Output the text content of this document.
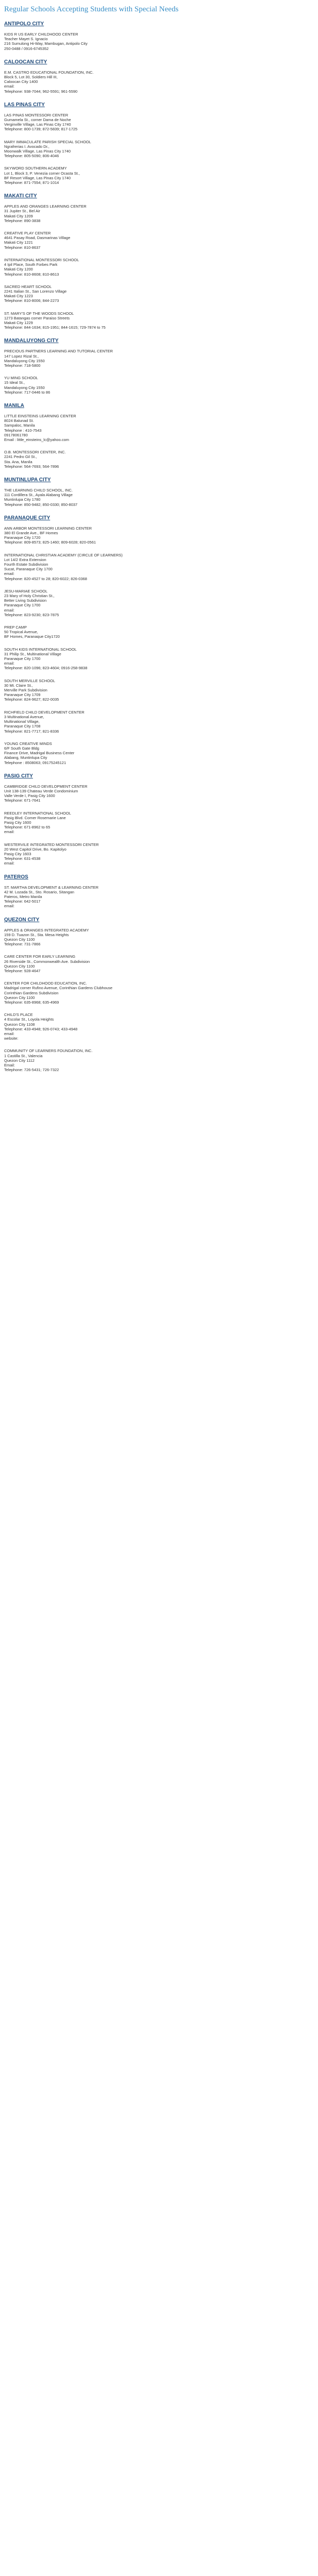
Regular Schools Accepting Students with Special Needs
ANTIPOLO CITY
KIDS R US EARLY CHILDHOOD CENTER
Teacher Mayet S. Ignacio
216 Sumulong Hi-Way, Mambugan, Antipolo City
250-0488 / 0916-6745352
CALOOCAN CITY
E.M. CASTRO EDUCATIONAL FOUNDATION, INC.
Block 5, Lot 30, Soldiers Hill III,
Caloocan City 1400
email:
Telephone: 938-7044; 962-5591; 961-5590
LAS PINAS CITY
LAS PINAS MONTESSORI CENTER
Gumamela St., corner Dama de Noche
Verginville Village, Las Pinas City 1740
Telephone: 800-1739; 872-5839; 817-1725
MARY IMMACULATE PARISH SPECIAL SCHOOL
Ngrafrerias I. Avocado Dr.,
Moonwalk Village, Las Pinas City 1740
Telephone: 805-5090; 806-4046
SKYWORD SOUTHERN ACADEMY
Lot 1, Block 3, P. Venezia corner Ocasta St.,
BF Resort Village, Las Pinas City 1740
Telephone: 871-7554; 871-1014
MAKATI CITY
APPLES AND ORANGES LEARNING CENTER
31 Jupiter St., Bel Air
Makati City 1209
Telephone: 890-3838
CREATIVE PLAY CENTER
4641 Pasay Road, Dasmarinas Village
Makati City 1221
Telephone: 810-8637
INTERNATIONAL MONTESSORI SCHOOL
4 Ipil Place, South Forbes Park
Makati City 1200
Telephone: 810-8608; 810-8613
SACRED HEART SCHOOL
2241 Italian St., San Lorenzo Village
Makati City 1223
Telephone: 810-8006; 844-2273
ST. MARY'S OF THE WOODS SCHOOL
1273 Batangas corner Paraiso Streets
Makati City 1229
Telephone: 844-1634; 815-1951; 844-1615; 729-7874 to 75
MANDALUYONG CITY
PRECIOUS PARTNERS LEARNING AND TUTORIAL CENTER
147 Lopez Rizal St.,
Mandaluyong City 1550
Telephone: 718-5800
YU MING SCHOOL
15 Ideal St.,
Mandaluyong City 1550
Telephone: 717-0446 to 86
MANILA
LITTLE EINSTEINS LEARNING CENTER
8024 Balunad St.
Sampaloc, Manila
Telephone : 410-7543
09178061780
Email : little_einsteins_lc@yahoo.com
O.B. MONTESSORI CENTER, INC.
2241 Pedro Gil St.,
Sta. Ana, Manila
Telephone: 564-7693; 564-7896
MUNTINLUPA CITY
THE LEARNING CHILD SCHOOL, INC.
111 Cordillera St., Ayala Alabang Village
Muntinlupa City 1780
Telephone: 850-9482; 850-0330; 850-8037
PARANAQUE CITY
ANN ARBOR MONTESSORI LEARNING CENTER
380 El Grande Ave., BF Homes
Paranaque City 1720
Telephone: 809-8573; 825-1460; 809-6028; 820-0561
INTERNATIONAL CHRISTIAN ACADEMY (CIRCLE OF LEARNERS)
Lot 14/2 Extra Extension
Fourth Estate Subdivision
Sucat, Paranaque City 1700
email:
Telephone: 820-4527 to 28; 820-6022; 826-0368
JESU-MARIAE SCHOOL
23 Mary of Holy Christian St.,
Better Living Subdivision
Paranaque City 1700
email:
Telephone: 823-9230; 823-7875
PREP CAMP
50 Tropical Avenue,
BF Homes, Paranaque City1720
SOUTH KIDS INTERNATIONAL SCHOOL
31 Philip St., Multinational Village
Paranaque City 1700
email:
Telephone: 820-1096; 823-4604; 0916-258-9838
SOUTH MERVILLE SCHOOL
30 Mt. Claire St.,
Merville Park Subdivision
Paranaque City 1709
Telephone: 824-9627; 822-0035
RICHFIELD CHILD DEVELOPMENT CENTER
3 Multinational Avenue,
Multinational Village,
Paranaque City 1708
Telephone: 821-7717; 821-8336
YOUNG CREATIVE MINDS
6/F South Gate Bldg
Finance Drive, Madrigal Business Center
Alabang, Muntinlupa City
Telephone : 8508063; 09175245121
PASIG CITY
CAMBRIDGE CHILD DEVELOPMENT CENTER
Unit 138-139 Chateau Verde Condominium
Valle Verde I, Pasig City 1600
Telephone: 671-7641
REEDLEY INTERNATIONAL SCHOOL
Pasig Blvd. Corner Rosemarie Lane
Pasig City 1600
Telephone: 671-8962 to 65
email:
WESTERVILE INTEGRATED MONTESSORI CENTER
20 West Capitol Drive, Bo. Kapitolyo
Pasig City 1603
Telephone: 631-4538
email:
PATEROS
ST. MARTHA DEVELOPMENT & LEARNING CENTER
42 M. Lozada St., Sto. Rosario, Sitangan
Pateros, Metro Manila
Telephone: 642-5017
email:
QUEZON CITY
APPLES & ORANGES INTEGRATED ACADEMY
159 D. Tuazon St., Sta. Mesa Heights
Quezon City 1100
Telephone: 731-7866
CARE CENTER FOR EARLY LEARNING
26 Riverside St., Commonwealth Ave. Subdivision
Quezon City 1100
Telephone: 928-4647
CENTER FOR CHILDHOOD EDUCATION, INC.
Madrigal corner Rufino Avenue, Corinthian Gardens Clubhouse
Corinthian Gardens Subdivision
Quezon City 1100
Telephone: 635-8968; 635-4969
CHILD'S PLACE
4 Escolar St., Loyola Heights
Quezon City 1108
Telephone: 433-4948; 926-0743; 433-4948
email:
website:
COMMUNITY OF LEARNERS FOUNDATION, INC.
1 Castilla St., Valencia
Quezon City 1112
Email:
Telephone: 726-5431; 726-7322
